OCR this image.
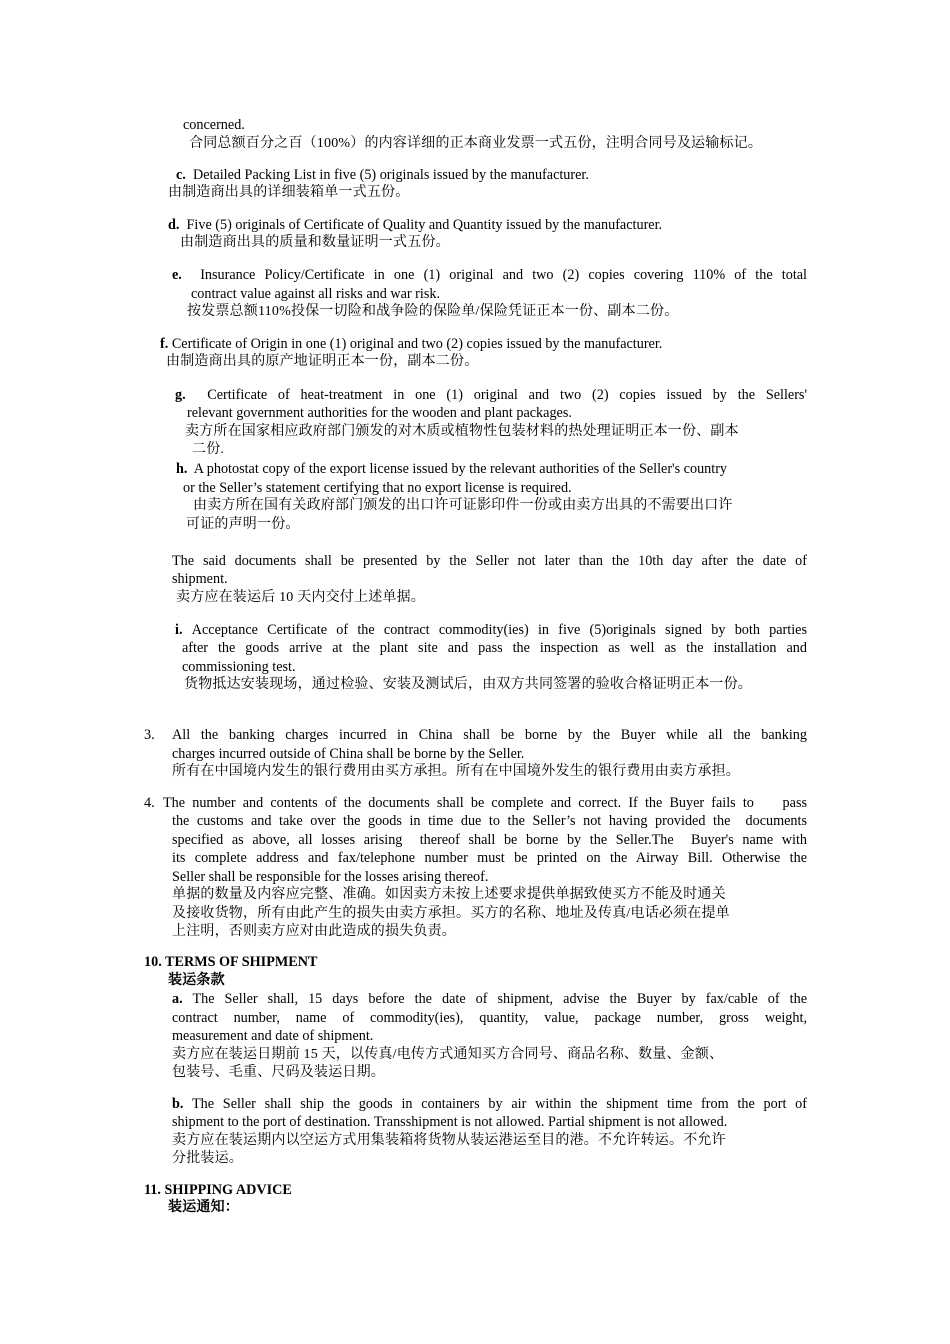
concerned.
合同总额百分之百（100%）的内容详细的正本商业发票一式五份，注明合同号及运输标记。
c. Detailed Packing List in five (5) originals issued by the manufacturer.
由制造商出具的详细装箱单一式五份。
d. Five (5) originals of Certificate of Quality and Quantity issued by the manufacturer.
由制造商出具的质量和数量证明一式五份。
e. Insurance Policy/Certificate in one (1) original and two (2) copies covering 110% of the total
contract value against all risks and war risk.
按发票总额110%投保一切险和战争险的保险单/保险凭证正本一份、副本二份。
f. Certificate of Origin in one (1) original and two (2) copies issued by the manufacturer.
由制造商出具的原产地证明正本一份，副本二份。
g. Certificate of heat-treatment in one (1) original and two (2) copies issued by the Sellers'
relevant government authorities for the wooden and plant packages.
卖方所在国家相应政府部门颁发的对木质或植物性包装材料的热处理证明正本一份、副本
二份.
h. A photostat copy of the export license issued by the relevant authorities of the Seller's country
or the Seller’s statement certifying that no export license is required.
由卖方所在国有关政府部门颁发的出口许可证影印件一份或由卖方出具的不需要出口许
可证的声明一份。
The said documents shall be presented by the Seller not later than the 10th day after the date of
shipment.
卖方应在装运后 10 天内交付上述单据。
i. Acceptance Certificate of the contract commodity(ies) in five (5)originals signed by both parties
after the goods arrive at the plant site and pass the inspection as well as the installation and
commissioning test.
货物抵达安装现场，通过检验、安装及测试后，由双方共同签署的验收合格证明正本一份。
3. All the banking charges incurred in China shall be borne by the Buyer while all the banking
charges incurred outside of China shall be borne by the Seller.
所有在中国境内发生的银行费用由买方承担。所有在中国境外发生的银行费用由卖方承担。
4. The number and contents of the documents shall be complete and correct. If the Buyer fails to    pass
the customs and take over the goods in time due to the Seller’s not having provided the  documents
specified as above, all losses arising  thereof shall be borne by the Seller.The  Buyer's name with
its complete address and fax/telephone number must be printed on the Airway Bill. Otherwise the
Seller shall be responsible for the losses arising thereof.
单据的数量及内容应完整、准确。如因卖方未按上述要求提供单据致使买方不能及时通关
及接收货物，所有由此产生的损失由卖方承担。买方的名称、地址及传真/电话必须在提单
上注明，否则卖方应对由此造成的损失负责。
10. TERMS OF SHIPMENT
装运条款
a. The Seller shall, 15 days before the date of shipment, advise the Buyer by fax/cable of the
contract number, name of commodity(ies), quantity, value, package number, gross weight,
measurement and date of shipment.
卖方应在装运日期前 15 天，以传真/电传方式通知买方合同号、商品名称、数量、金额、
包装号、毛重、尺码及装运日期。
b. The Seller shall ship the goods in containers by air within the shipment time from the port of
shipment to the port of destination. Transshipment is not allowed. Partial shipment is not allowed.
卖方应在装运期内以空运方式用集装箱将货物从装运港运至目的港。不允许转运。不允许
分批装运。
11. SHIPPING ADVICE
装运通知：
